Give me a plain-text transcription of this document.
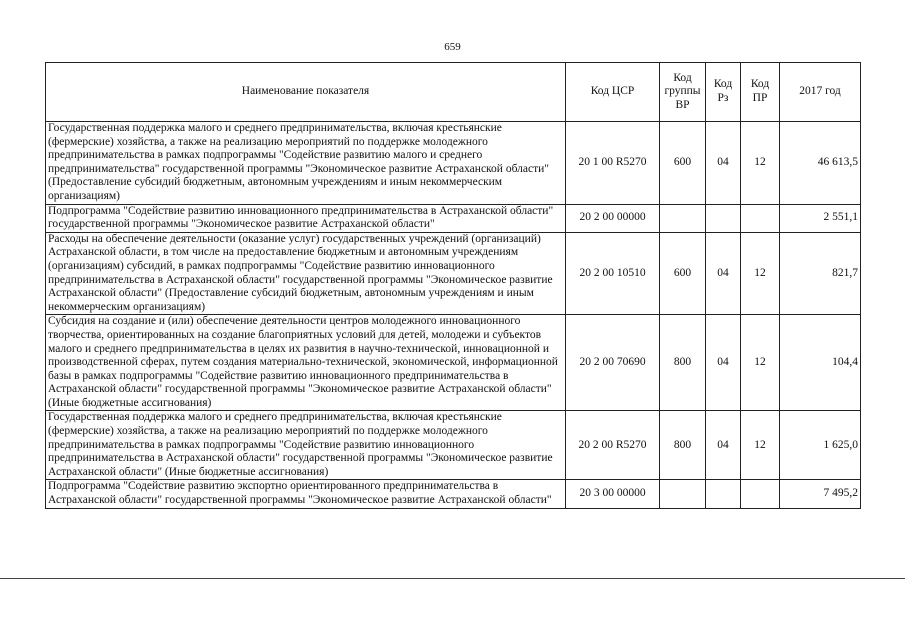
659
Наименование показателя	Код ЦСР	Код группы ВР	Код Рз	Код ПР	2017 год
Государственная поддержка малого и среднего предпринимательства, включая крестьянские (фермерские) хозяйства, а также на реализацию мероприятий по поддержке молодежного предпринимательства в рамках подпрограммы "Содействие развитию малого и среднего предпринимательства" государственной программы "Экономическое развитие Астраханской области" (Предоставление субсидий бюджетным, автономным учреждениям и иным некоммерческим организациям)	20 1 00 R5270	600	04	12	46 613,5
Подпрограмма "Содействие развитию инновационного предпринимательства в Астраханской области" государственной программы "Экономическое развитие Астраханской области"	20 2 00 00000				2 551,1
Расходы на обеспечение деятельности (оказание услуг) государственных учреждений (организаций) Астраханской области, в том числе на предоставление бюджетным и автономным учреждениям (организациям) субсидий, в рамках подпрограммы "Содействие развитию инновационного предпринимательства в Астраханской области" государственной программы "Экономическое развитие Астраханской области" (Предоставление субсидий бюджетным, автономным учреждениям и иным некоммерческим организациям)	20 2 00 10510	600	04	12	821,7
Субсидия на создание и (или) обеспечение деятельности центров молодежного инновационного творчества, ориентированных на создание благоприятных условий для детей, молодежи и субъектов малого и среднего предпринимательства в целях их развития в научно-технической, инновационной и производственной сферах, путем создания материально-технической, экономической, информационной базы в рамках подпрограммы "Содействие развитию инновационного предпринимательства в Астраханской области" государственной программы "Экономическое развитие Астраханской области" (Иные бюджетные ассигнования)	20 2 00 70690	800	04	12	104,4
Государственная поддержка малого и среднего предпринимательства, включая крестьянские (фермерские) хозяйства, а также на реализацию мероприятий по поддержке молодежного предпринимательства в рамках подпрограммы "Содействие развитию инновационного предпринимательства в Астраханской области" государственной программы "Экономическое развитие Астраханской области" (Иные бюджетные ассигнования)	20 2 00 R5270	800	04	12	1 625,0
Подпрограмма "Содействие развитию экспортно ориентированного предпринимательства в Астраханской области" государственной программы "Экономическое развитие Астраханской области"	20 3 00 00000				7 495,2
